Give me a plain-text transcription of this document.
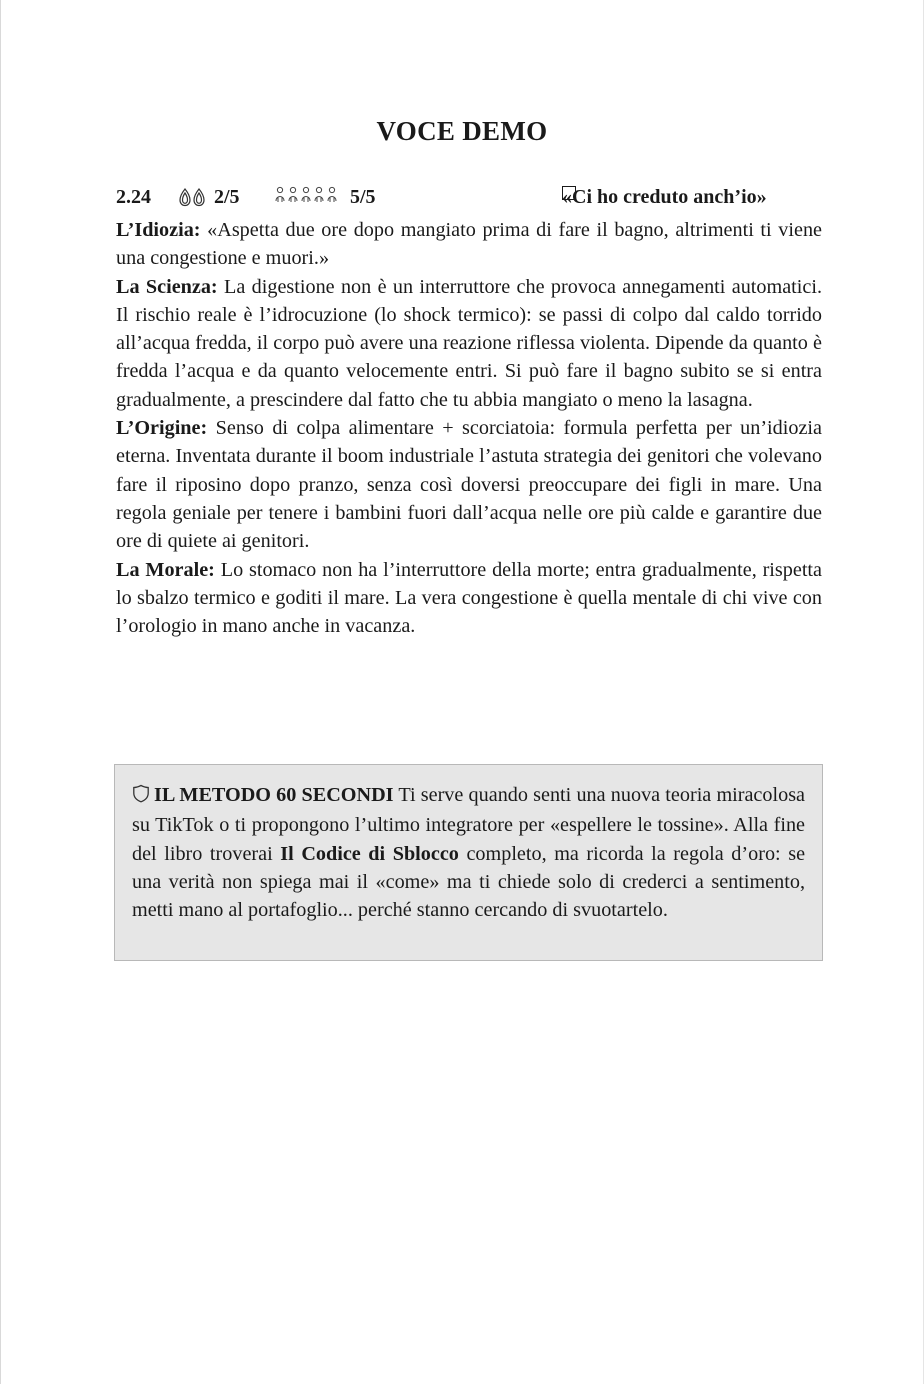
VOCE DEMO
2.24	2/5	5/5	«Ci ho creduto anch’io»

L’Idiozia: «Aspetta due ore dopo mangiato prima di fare il bagno, altrimenti ti viene una congestione e muori.»

La Scienza: La digestione non è un interruttore che provoca annegamenti automatici. Il rischio reale è l’idrocuzione (lo shock termico): se passi di colpo dal caldo torrido all’acqua fredda, il corpo può avere una reazione riflessa violenta. Dipende da quanto è fredda l’acqua e da quanto velocemente entri. Si può fare il bagno subito se si entra gradualmente, a prescindere dal fatto che tu abbia mangiato o meno la lasagna.

L’Origine: Senso di colpa alimentare + scorciatoia: formula perfetta per un’idiozia eterna. Inventata durante il boom industriale l’astuta strategia dei genitori che volevano fare il riposino dopo pranzo, senza così doversi preoccupare dei figli in mare. Una regola geniale per tenere i bambini fuori dall’acqua nelle ore più calde e garantire due ore di quiete ai genitori.

La Morale: Lo stomaco non ha l’interruttore della morte; entra gradualmente, rispetta lo sbalzo termico e goditi il mare. La vera congestione è quella mentale di chi vive con l’orologio in mano anche in vacanza.

IL METODO 60 SECONDI Ti serve quando senti una nuova teoria miracolosa su TikTok o ti propongono l’ultimo integratore per «espellere le tossine». Alla fine del libro troverai Il Codice di Sblocco completo, ma ricorda la regola d’oro: se una verità non spiega mai il «come» ma ti chiede solo di crederci a sentimento, metti mano al portafoglio... perché stanno cercando di svuotartelo.
